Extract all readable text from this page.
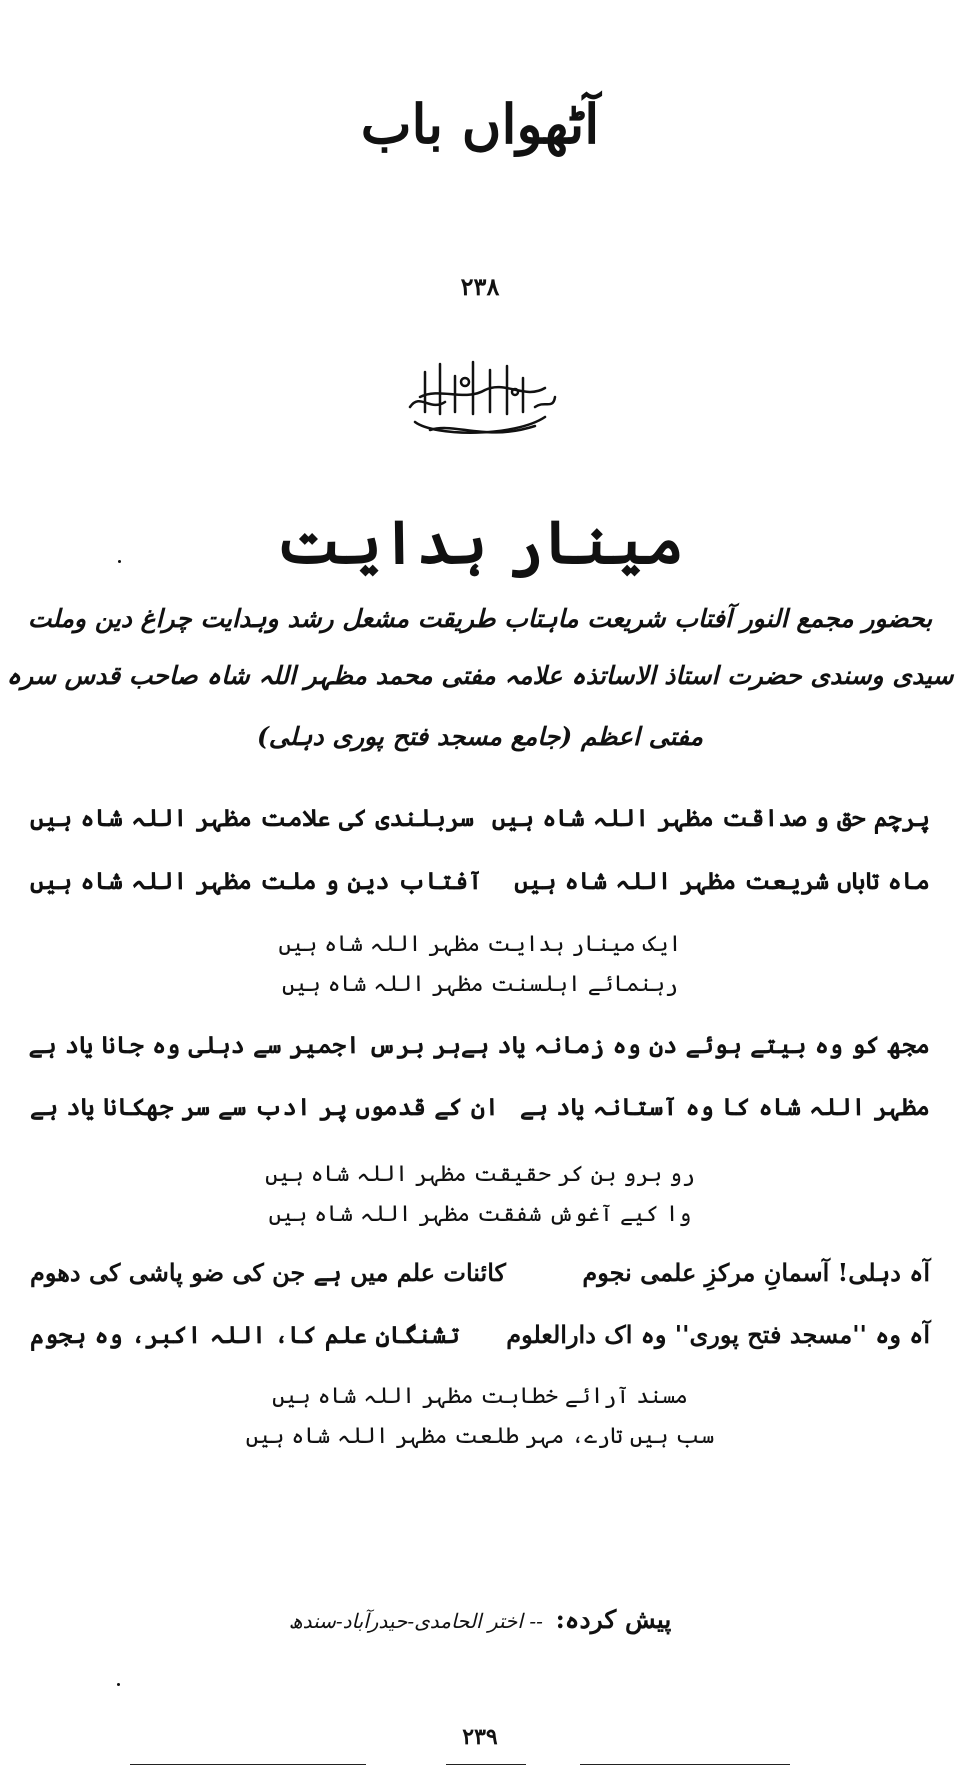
آٹھواں باب
۲۳۸
مینار ہدایت
بحضور مجمع النور آفتاب شریعت ماہتاب طریقت مشعل رشد وہدایت چراغ دین وملت
سیدی وسندی حضرت استاذ الاساتذہ علامہ مفتی محمد مظہر اللہ شاہ صاحب قدس سرہ
مفتی اعظم (جامع مسجد فتح پوری دہلی)
پرچم حق و صداقت مظہر اللہ شاہ ہیں
سربلندی کی علامت مظہر اللہ شاہ ہیں
ماہ تاباں شریعت مظہر اللہ شاہ ہیں
آفتاب دین و ملت مظہر اللہ شاہ ہیں
ایک مینار ہدایت مظہر اللہ شاہ ہیں
رہنمائے اہلسنت مظہر اللہ شاہ ہیں
مجھ کو وہ بیتے ہوئے دن وہ زمانہ یاد ہے
ہر برس اجمیر سے دہلی وہ جانا یاد ہے
مظہر اللہ شاہ کا وہ آستانہ یاد ہے
ان کے قدموں پر ادب سے سر جھکانا یاد ہے
رو برو بن کر حقیقت مظہر اللہ شاہ ہیں
وا کیے آغوش شفقت مظہر اللہ شاہ ہیں
آہ دہلی! آسمانِ مرکزِ علمی نجوم
کائنات علم میں ہے جن کی ضو پاشی کی دھوم
آہ وہ ''مسجد فتح پوری'' وہ اک دارالعلوم
تشنگانِ علم کا، اللہ اکبر، وہ ہجوم
مسند آرائے خطابت مظہر اللہ شاہ ہیں
سب ہیں تارے، مہر طلعت مظہر اللہ شاہ ہیں
پیش کردہ:  -- اختر الحامدی-حیدرآباد-سندھ
۲۳۹
